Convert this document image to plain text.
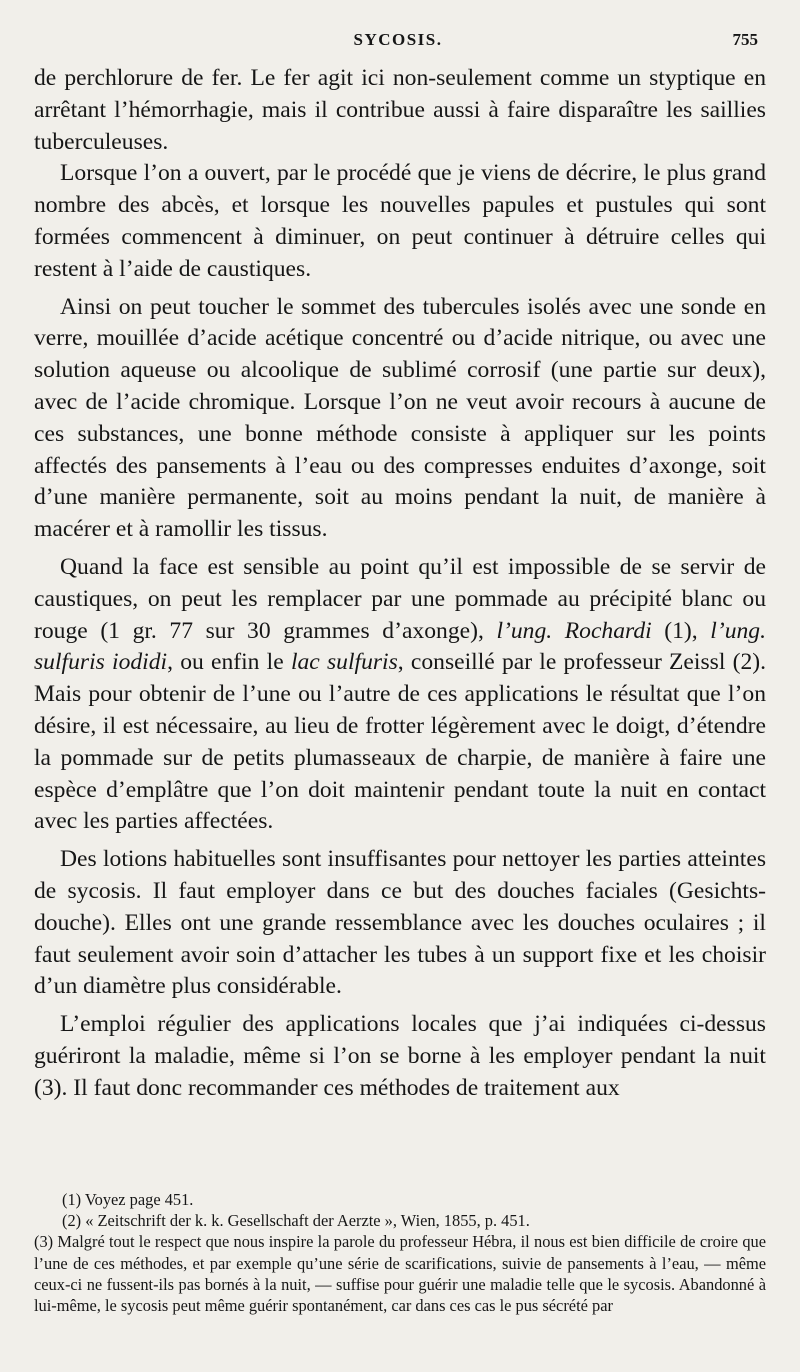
SYCOSIS.	755

de perchlorure de fer. Le fer agit ici non-seulement comme un styptique en arrêtant l’hémorrhagie, mais il contribue aussi à faire disparaître les saillies tuberculeuses.

Lorsque l’on a ouvert, par le procédé que je viens de décrire, le plus grand nombre des abcès, et lorsque les nouvelles papules et pustules qui sont formées commencent à diminuer, on peut continuer à détruire celles qui restent à l’aide de caustiques.

Ainsi on peut toucher le sommet des tubercules isolés avec une sonde en verre, mouillée d’acide acétique concentré ou d’acide nitrique, ou avec une solution aqueuse ou alcoolique de sublimé corrosif (une partie sur deux), avec de l’acide chromique. Lorsque l’on ne veut avoir recours à aucune de ces substances, une bonne méthode consiste à appliquer sur les points affectés des pansements à l’eau ou des compresses enduites d’axonge, soit d’une manière permanente, soit au moins pendant la nuit, de manière à macérer et à ramollir les tissus.

Quand la face est sensible au point qu’il est impossible de se servir de caustiques, on peut les remplacer par une pommade au précipité blanc ou rouge (1 gr. 77 sur 30 grammes d’axonge), l’ung. Rochardi (1), l’ung. sulfuris iodidi, ou enfin le lac sulfuris, conseillé par le professeur Zeissl (2). Mais pour obtenir de l’une ou l’autre de ces applications le résultat que l’on désire, il est nécessaire, au lieu de frotter légèrement avec le doigt, d’étendre la pommade sur de petits plumasseaux de charpie, de manière à faire une espèce d’emplâtre que l’on doit maintenir pendant toute la nuit en contact avec les parties affectées.

Des lotions habituelles sont insuffisantes pour nettoyer les parties atteintes de sycosis. Il faut employer dans ce but des douches faciales (Gesichts-douche). Elles ont une grande ressemblance avec les douches oculaires ; il faut seulement avoir soin d’attacher les tubes à un support fixe et les choisir d’un diamètre plus considérable.

L’emploi régulier des applications locales que j’ai indiquées ci-dessus guériront la maladie, même si l’on se borne à les employer pendant la nuit (3). Il faut donc recommander ces méthodes de traitement aux

(1) Voyez page 451.

(2) « Zeitschrift der k. k. Gesellschaft der Aerzte », Wien, 1855, p. 451.

(3) Malgré tout le respect que nous inspire la parole du professeur Hébra, il nous est bien difficile de croire que l’une de ces méthodes, et par exemple qu’une série de scarifications, suivie de pansements à l’eau, — même ceux-ci ne fussent-ils pas bornés à la nuit, — suffise pour guérir une maladie telle que le sycosis. Abandonné à lui-même, le sycosis peut même guérir spontanément, car dans ces cas le pus sécrété par
